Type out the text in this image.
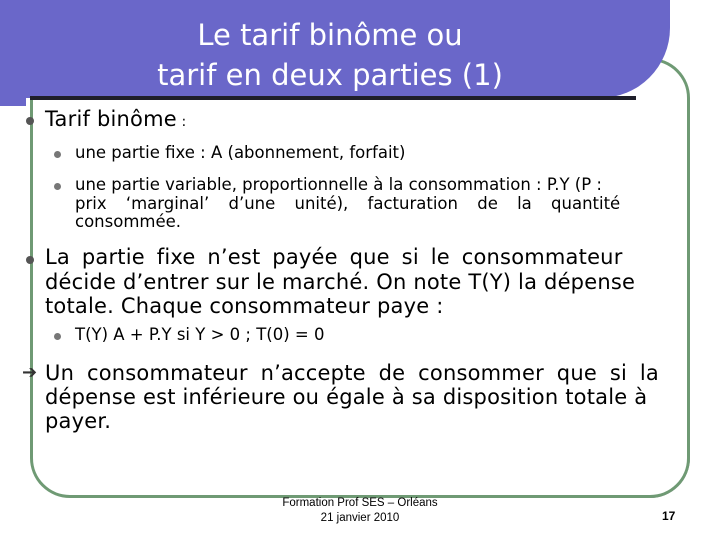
Le tarif binôme ou
tarif en deux parties (1)
Tarif binôme :
une partie fixe : A (abonnement, forfait)
une partie variable, proportionnelle à la consommation : P.Y (P :
prix ‘marginal’ d’une unité), facturation de la quantité
consommée.
La partie fixe n’est payée que si le consommateur
décide d’entrer sur le marché. On note T(Y) la dépense
totale. Chaque consommateur paye :
T(Y) A + P.Y si Y > 0 ; T(0) = 0
➔ Un consommateur n’accepte de consommer que si la
dépense est inférieure ou égale à sa disposition totale à
payer.
Formation Prof SES – Orléans
21 janvier 2010	17
